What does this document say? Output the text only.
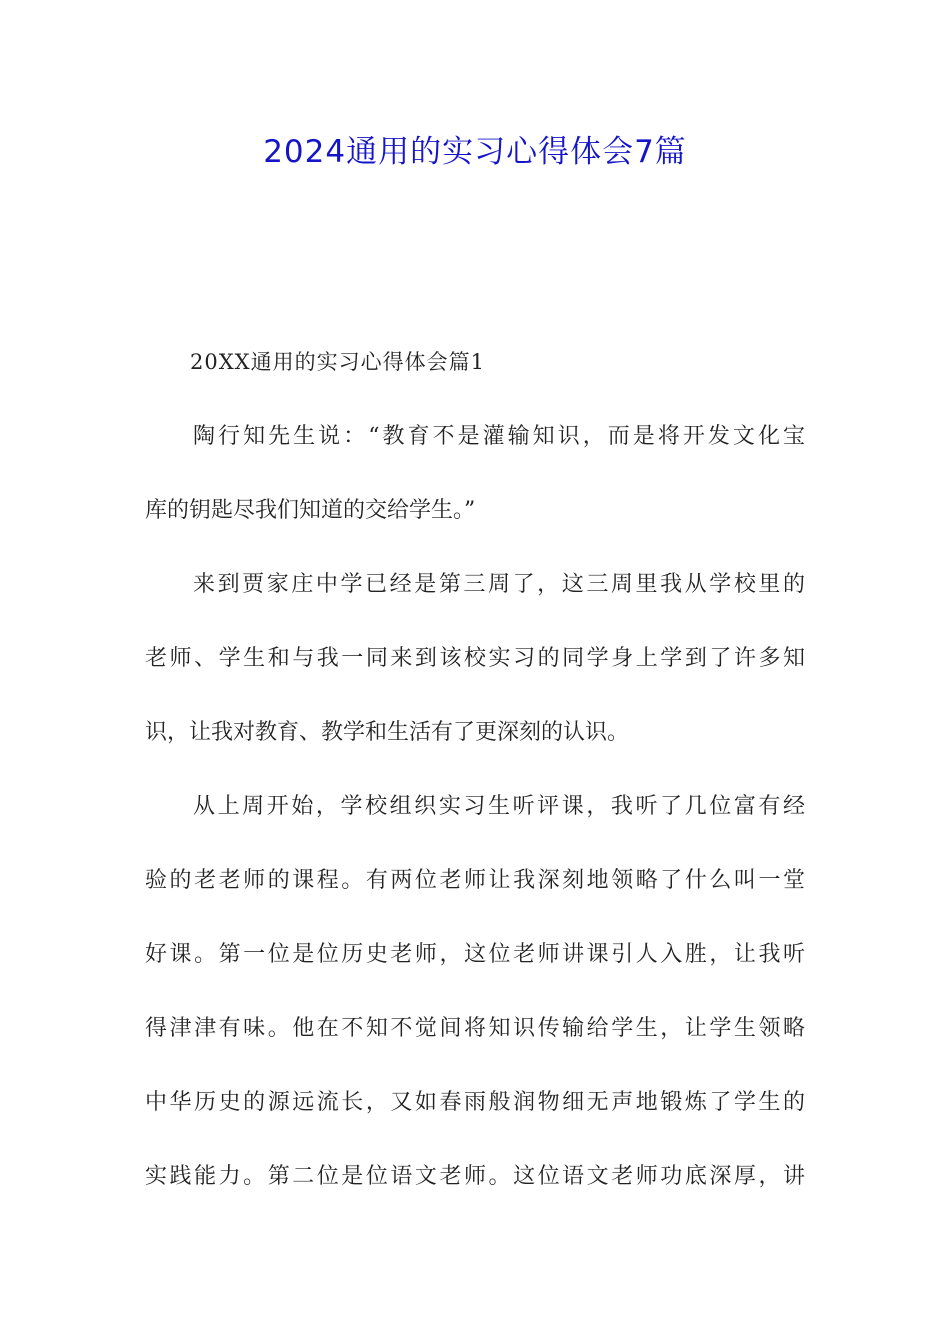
2024通用的实习心得体会7篇
20XX通用的实习心得体会篇1
陶行知先生说：“教育不是灌输知识，而是将开发文化宝
库的钥匙尽我们知道的交给学生。”
来到贾家庄中学已经是第三周了，这三周里我从学校里的
老师、学生和与我一同来到该校实习的同学身上学到了许多知
识，让我对教育、教学和生活有了更深刻的认识。
从上周开始，学校组织实习生听评课，我听了几位富有经
验的老老师的课程。有两位老师让我深刻地领略了什么叫一堂
好课。第一位是位历史老师，这位老师讲课引人入胜，让我听
得津津有味。他在不知不觉间将知识传输给学生，让学生领略
中华历史的源远流长，又如春雨般润物细无声地锻炼了学生的
实践能力。第二位是位语文老师。这位语文老师功底深厚，讲
